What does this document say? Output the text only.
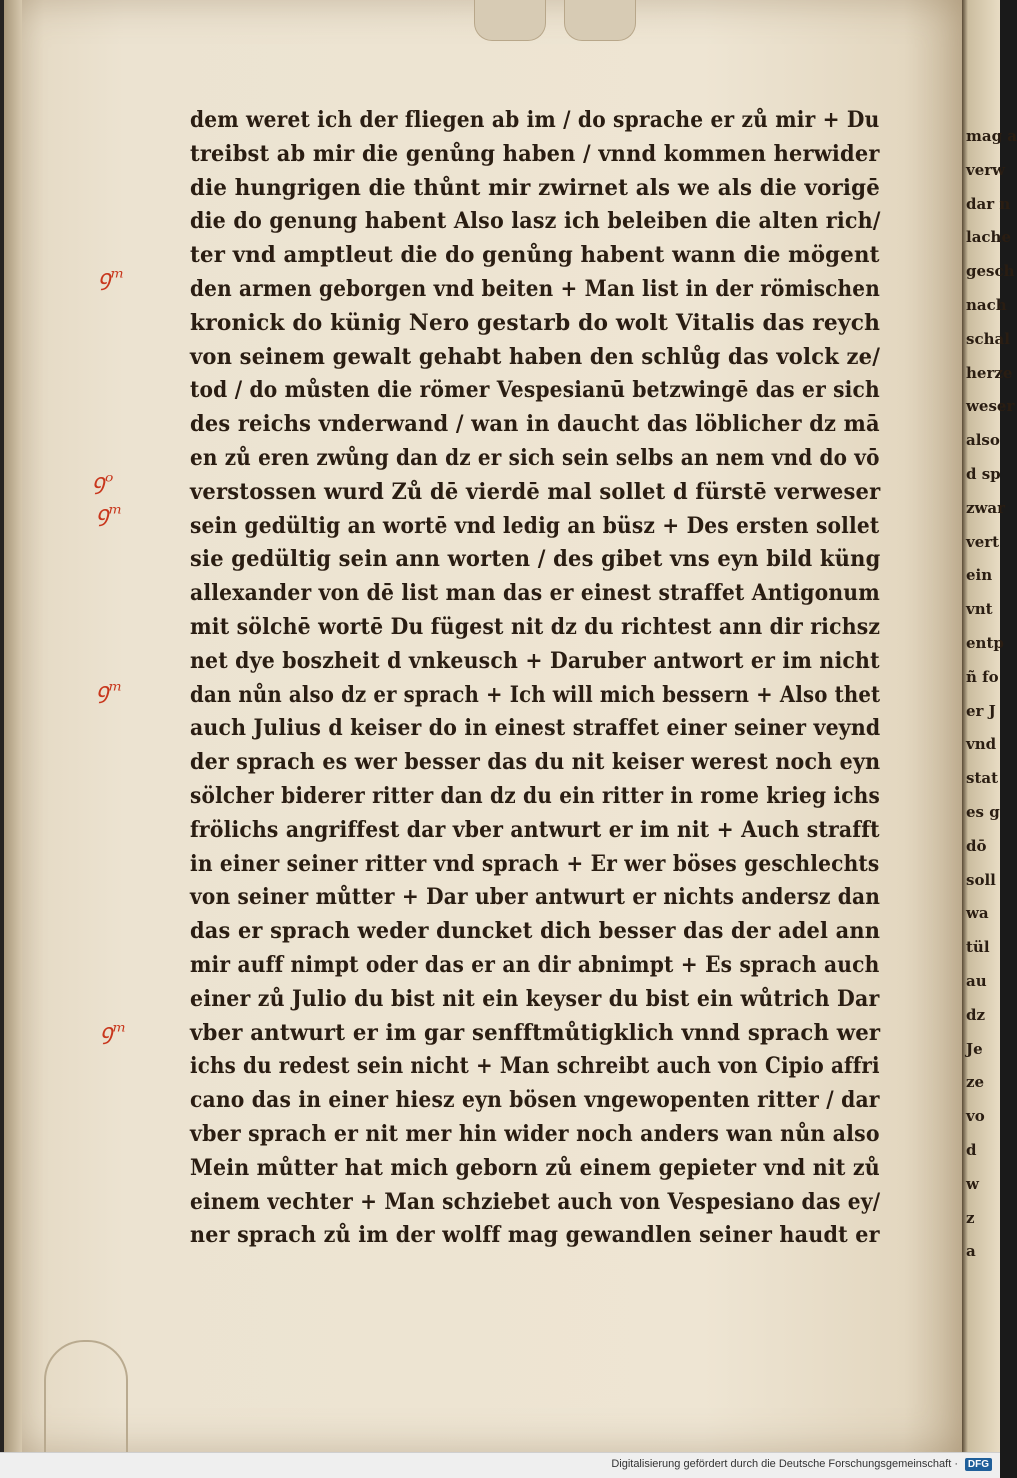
mag a
verw
dar n
lache
gesch
nach
schal
herze
weser
also
d sp
zwar
vert
ein
vnt
entp
ñ fo
er J
vnd
stat
es g
dō
soll
wa
tül
au
dz
Je
ze
vo
d
w
z
a
dem weret ich der fliegen ab im / do sprache er zů mir + Du
treibst ab mir die genůng haben / vnnd kommen herwider
die hungrigen die thůnt mir zwirnet als we als die vorigē
die do genung habent Also lasz ich beleiben die alten rich/
ter vnd amptleut die do genůng habent wann die mögent
den armen geborgen vnd beiten + Man list in der römischen
kronick do künig Nero gestarb do wolt Vitalis das reych
von seinem gewalt gehabt haben den schlůg das volck ze/
tod / do můsten die römer Vespesianū betzwingē das er sich
des reichs vnderwand / wan in daucht das löblicher dz mā
en zů eren zwůng dan dz er sich sein selbs an nem vnd do vō
verstossen wurd Zů dē vierdē mal sollet d fürstē verweser
sein gedültig an wortē vnd ledig an büsz + Des ersten sollet
sie gedültig sein ann worten / des gibet vns eyn bild küng
allexander von dē list man das er einest straffet Antigonum
mit sölchē wortē Du fügest nit dz du richtest ann dir richsz
net dye boszheit d vnkeusch + Daruber antwort er im nicht
dan nůn also dz er sprach + Ich will mich bessern + Also thet
auch Julius d keiser do in einest straffet einer seiner veynd
der sprach es wer besser das du nit keiser werest noch eyn
sölcher biderer ritter dan dz du ein ritter in rome krieg ichs
frölichs angriffest dar vber antwurt er im nit + Auch strafft
in einer seiner ritter vnd sprach + Er wer böses geschlechts
von seiner můtter + Dar uber antwurt er nichts andersz dan
das er sprach weder duncket dich besser das der adel ann
mir auff nimpt oder das er an dir abnimpt + Es sprach auch
einer zů Julio du bist nit ein keyser du bist ein wůtrich Dar
vber antwurt er im gar senfftmůtigklich vnnd sprach wer
ichs du redest sein nicht + Man schreibt auch von Cipio affri
cano das in einer hiesz eyn bösen vngewopenten ritter / dar
vber sprach er nit mer hin wider noch anders wan nůn also
Mein můtter hat mich geborn zů einem gepieter vnd nit zů
einem vechter + Man schziebet auch von Vespesiano das ey/
ner sprach zů im der wolff mag gewandlen seiner haudt er
ꝯᵐ
ꝯᵒ
ꝯᵐ
ꝯᵐ
ꝯᵐ
Digitalisierung gefördert durch die Deutsche Forschungsgemeinschaft · DFG
